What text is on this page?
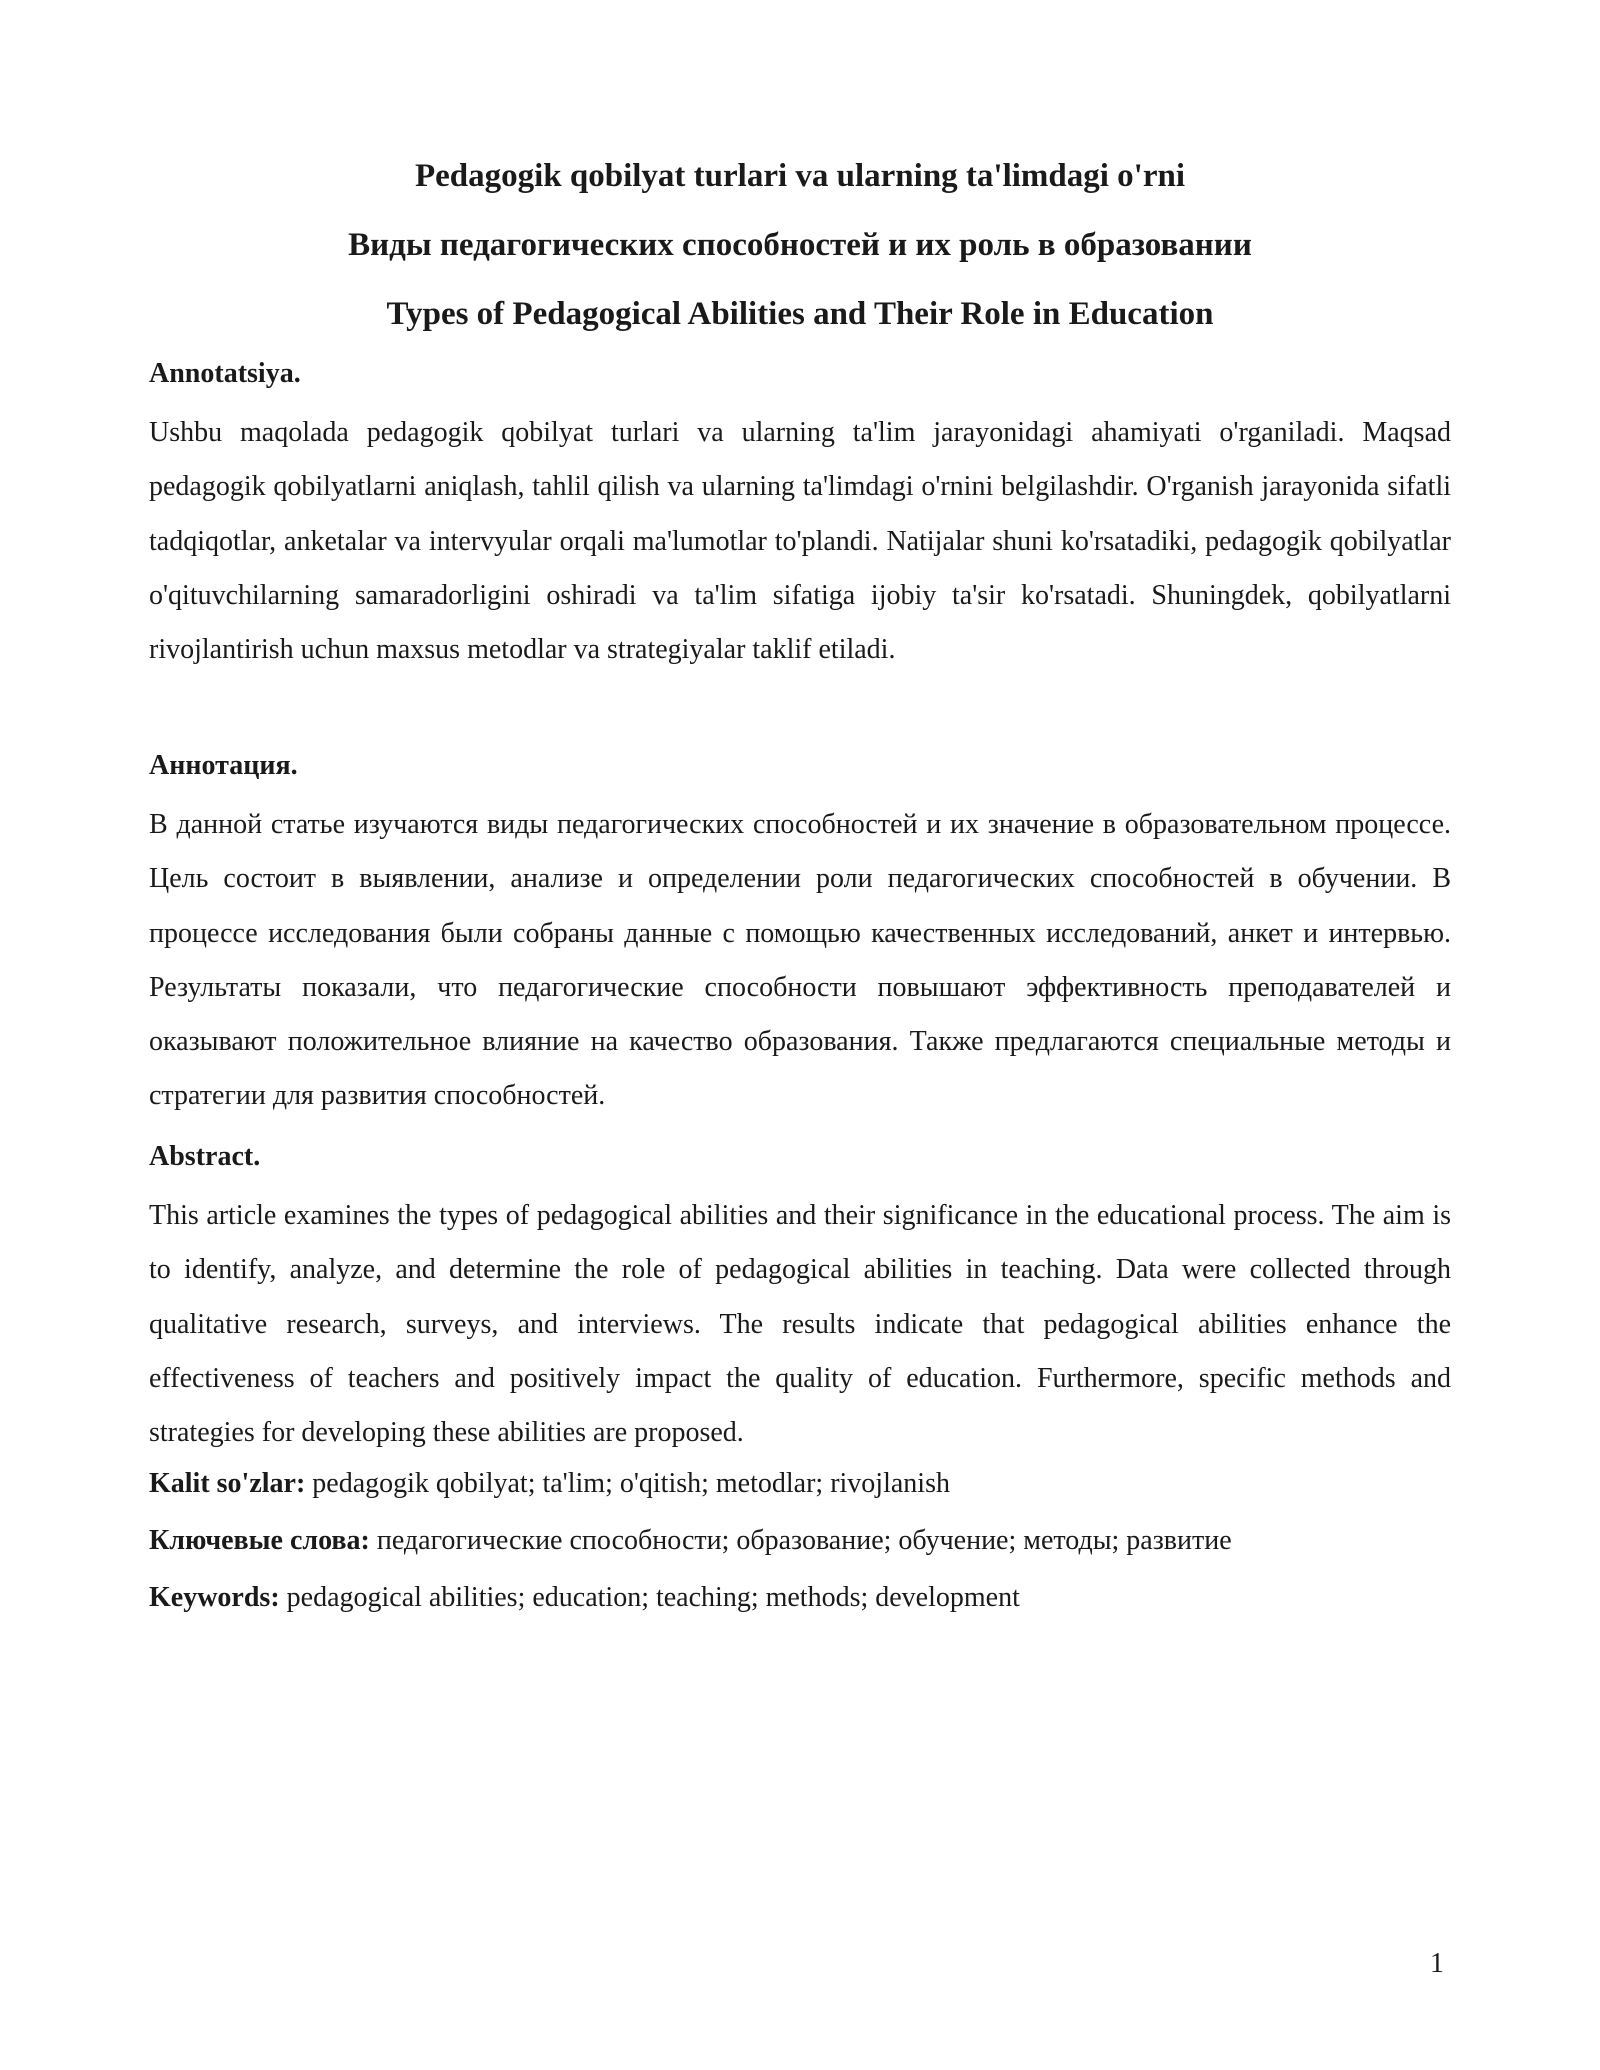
Pedagogik qobilyat turlari va ularning ta'limdagi o'rni
Виды педагогических способностей и их роль в образовании
Types of Pedagogical Abilities and Their Role in Education

Annotatsiya.

Ushbu maqolada pedagogik qobilyat turlari va ularning ta'lim jarayonidagi ahamiyati o'rganiladi. Maqsad pedagogik qobilyatlarni aniqlash, tahlil qilish va ularning ta'limdagi o'rnini belgilashdir. O'rganish jarayonida sifatli tadqiqotlar, anketalar va intervyular orqali ma'lumotlar to'plandi. Natijalar shuni ko'rsatadiki, pedagogik qobilyatlar o'qituvchilarning samaradorligini oshiradi va ta'lim sifatiga ijobiy ta'sir ko'rsatadi. Shuningdek, qobilyatlarni rivojlantirish uchun maxsus metodlar va strategiyalar taklif etiladi.

Аннотация.

В данной статье изучаются виды педагогических способностей и их значение в образовательном процессе. Цель состоит в выявлении, анализе и определении роли педагогических способностей в обучении. В процессе исследования были собраны данные с помощью качественных исследований, анкет и интервью. Результаты показали, что педагогические способности повышают эффективность преподавателей и оказывают положительное влияние на качество образования. Также предлагаются специальные методы и стратегии для развития способностей.

Abstract.

This article examines the types of pedagogical abilities and their significance in the educational process. The aim is to identify, analyze, and determine the role of pedagogical abilities in teaching. Data were collected through qualitative research, surveys, and interviews. The results indicate that pedagogical abilities enhance the effectiveness of teachers and positively impact the quality of education. Furthermore, specific methods and strategies for developing these abilities are proposed.

Kalit so'zlar: pedagogik qobilyat; ta'lim; o'qitish; metodlar; rivojlanish
Ключевые слова: педагогические способности; образование; обучение; методы; развитие
Keywords: pedagogical abilities; education; teaching; methods; development
1
